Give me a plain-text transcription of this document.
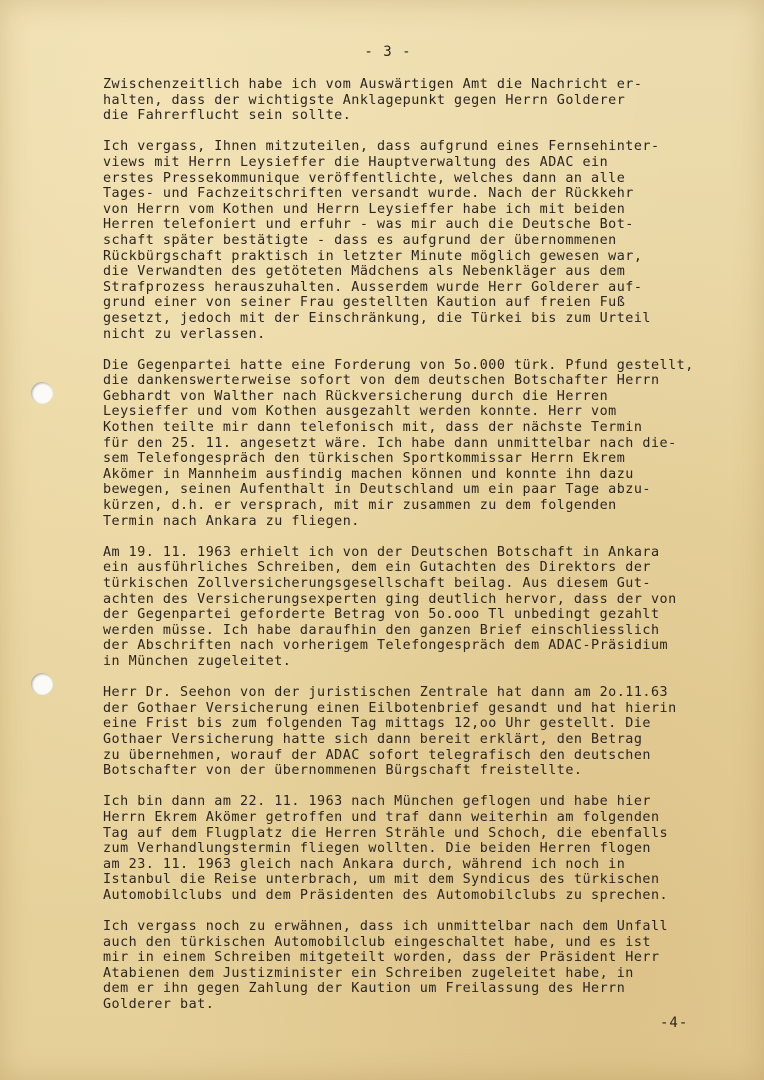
- 3 -

Zwischenzeitlich habe ich vom Auswärtigen Amt die Nachricht er-
halten, dass der wichtigste Anklagepunkt gegen Herrn Golderer
die Fahrerflucht sein sollte.

Ich vergass, Ihnen mitzuteilen, dass aufgrund eines Fernsehinter-
views mit Herrn Leysieffer die Hauptverwaltung des ADAC ein
erstes Pressekommunique veröffentlichte, welches dann an alle
Tages- und Fachzeitschriften versandt wurde. Nach der Rückkehr
von Herrn vom Kothen und Herrn Leysieffer habe ich mit beiden
Herren telefoniert und erfuhr - was mir auch die Deutsche Bot-
schaft später bestätigte - dass es aufgrund der übernommenen
Rückbürgschaft praktisch in letzter Minute möglich gewesen war,
die Verwandten des getöteten Mädchens als Nebenkläger aus dem
Strafprozess herauszuhalten. Ausserdem wurde Herr Golderer auf-
grund einer von seiner Frau gestellten Kaution auf freien Fuß
gesetzt, jedoch mit der Einschränkung, die Türkei bis zum Urteil
nicht zu verlassen.

Die Gegenpartei hatte eine Forderung von 5o.000 türk. Pfund gestellt,
die dankenswerterweise sofort von dem deutschen Botschafter Herrn
Gebhardt von Walther nach Rückversicherung durch die Herren
Leysieffer und vom Kothen ausgezahlt werden konnte. Herr vom
Kothen teilte mir dann telefonisch mit, dass der nächste Termin
für den 25. 11. angesetzt wäre. Ich habe dann unmittelbar nach die-
sem Telefongespräch den türkischen Sportkommissar Herrn Ekrem
Akömer in Mannheim ausfindig machen können und konnte ihn dazu
bewegen, seinen Aufenthalt in Deutschland um ein paar Tage abzu-
kürzen, d.h. er versprach, mit mir zusammen zu dem folgenden
Termin nach Ankara zu fliegen.

Am 19. 11. 1963 erhielt ich von der Deutschen Botschaft in Ankara
ein ausführliches Schreiben, dem ein Gutachten des Direktors der
türkischen Zollversicherungsgesellschaft beilag. Aus diesem Gut-
achten des Versicherungsexperten ging deutlich hervor, dass der von
der Gegenpartei geforderte Betrag von 5o.ooo Tl unbedingt gezahlt
werden müsse. Ich habe daraufhin den ganzen Brief einschliesslich
der Abschriften nach vorherigem Telefongespräch dem ADAC-Präsidium
in München zugeleitet.

Herr Dr. Seehon von der juristischen Zentrale hat dann am 2o.11.63
der Gothaer Versicherung einen Eilbotenbrief gesandt und hat hierin
eine Frist bis zum folgenden Tag mittags 12,oo Uhr gestellt. Die
Gothaer Versicherung hatte sich dann bereit erklärt, den Betrag
zu übernehmen, worauf der ADAC sofort telegrafisch den deutschen
Botschafter von der übernommenen Bürgschaft freistellte.

Ich bin dann am 22. 11. 1963 nach München geflogen und habe hier
Herrn Ekrem Akömer getroffen und traf dann weiterhin am folgenden
Tag auf dem Flugplatz die Herren Strähle und Schoch, die ebenfalls
zum Verhandlungstermin fliegen wollten. Die beiden Herren flogen
am 23. 11. 1963 gleich nach Ankara durch, während ich noch in
Istanbul die Reise unterbrach, um mit dem Syndicus des türkischen
Automobilclubs und dem Präsidenten des Automobilclubs zu sprechen.

Ich vergass noch zu erwähnen, dass ich unmittelbar nach dem Unfall
auch den türkischen Automobilclub eingeschaltet habe, und es ist
mir in einem Schreiben mitgeteilt worden, dass der Präsident Herr
Atabienen dem Justizminister ein Schreiben zugeleitet habe, in
dem er ihn gegen Zahlung der Kaution um Freilassung des Herrn
Golderer bat.

-4-
